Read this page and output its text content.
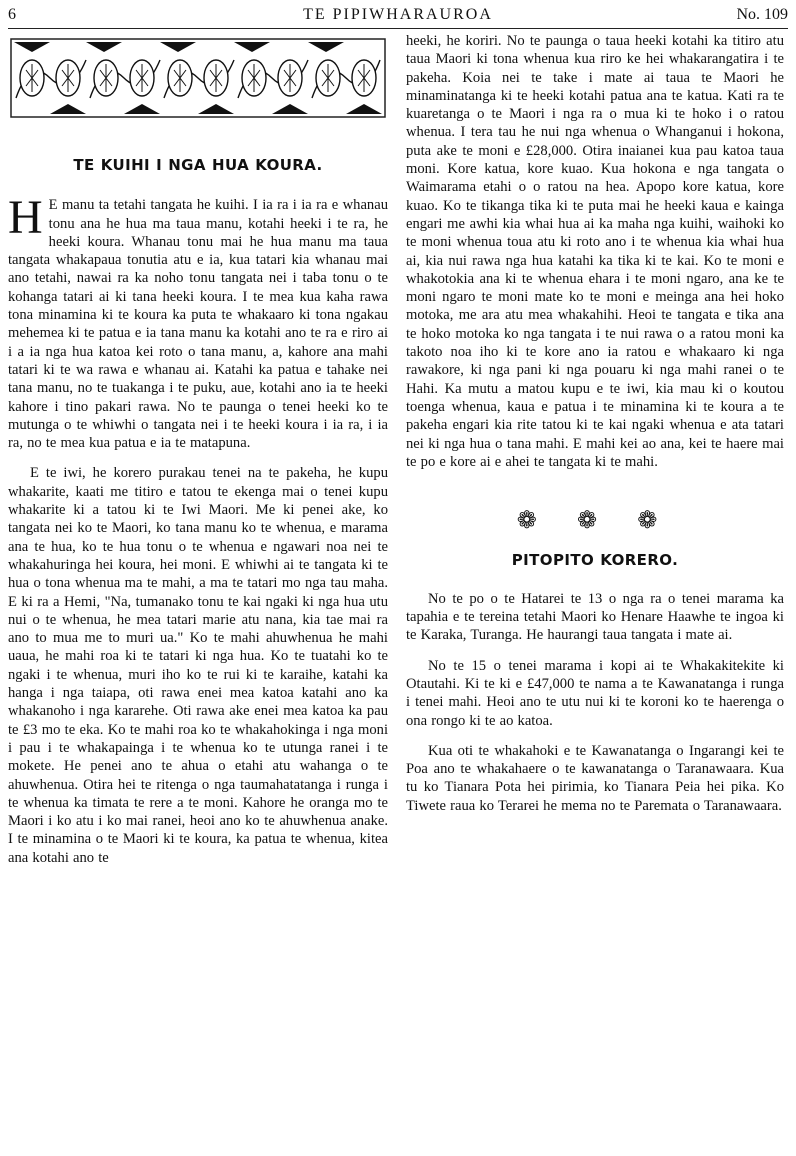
6	TE PIPIWHARAUROA	No. 109
TE KUIHI I NGA HUA KOURA.

H E manu ta tetahi tangata he kuihi. I ia ra i ia ra e whanau tonu ana he hua ma taua manu, kotahi heeki i te ra, he heeki koura. Whanau tonu mai he hua manu ma taua tangata whakapaua tonutia atu e ia, kua tatari kia whanau mai ano tetahi, nawai ra ka noho tonu tangata nei i taba tonu o te kohanga tatari ai ki tana heeki koura. I te mea kua kaha rawa tona minamina ki te koura ka puta te whakaaro ki tona ngakau mehemea ki te patua e ia tana manu ka kotahi ano te ra e riro ai i a ia nga hua katoa kei roto o tana manu, a, kahore ana mahi tatari ki te wa rawa e whanau ai. Katahi ka patua e tahake nei tana manu, no te tuakanga i te puku, aue, kotahi ano ia te heeki kahore i tino pakari rawa. No te paunga o tenei heeki ko te mutunga o te whiwhi o tangata nei i te heeki koura i ia ra, i ia ra, no te mea kua patua e ia te matapuna.

E te iwi, he korero purakau tenei na te pakeha, he kupu whakarite, kaati me titiro e tatou te ekenga mai o tenei kupu whakarite ki a tatou ki te Iwi Maori. Me ki penei ake, ko tangata nei ko te Maori, ko tana manu ko te whenua, e marama ana te hua, ko te hua tonu o te whenua e ngawari noa nei te whakahuringa hei koura, hei moni. E whiwhi ai te tangata ki te hua o tona whenua ma te mahi, a ma te tatari mo nga tau maha. E ki ra a Hemi, "Na, tumanako tonu te kai ngaki ki nga hua utu nui o te whenua, he mea tatari marie atu nana, kia tae mai ra ano to mua me to muri ua." Ko te mahi ahuwhenua he mahi uaua, he mahi roa ki te tatari ki nga hua. Ko te tuatahi ko te ngaki i te whenua, muri iho ko te rui ki te karaihe, katahi ka hanga i nga taiapa, oti rawa enei mea katoa katahi ano ka whakanoho i nga kararehe. Oti rawa ake enei mea katoa ka pau te £3 mo te eka. Ko te mahi roa ko te whakahokinga i nga moni i pau i te whakapainga i te whenua ko te utunga ranei i te mokete. He penei ano te ahua o etahi atu wahanga o te ahuwhenua. Otira hei te ritenga o nga taumahatatanga i runga i te whenua ka timata te rere a te moni. Kahore he oranga mo te Maori i ko atu i ko mai ranei, heoi ano ko te ahuwhenua anake. I te minamina o te Maori ki te koura, ka patua te whenua, kitea ana kotahi ano te

heeki, he koriri. No te paunga o taua heeki kotahi ka titiro atu taua Maori ki tona whenua kua riro ke hei whakarangatira i te pakeha. Koia nei te take i mate ai taua te Maori he minaminatanga ki te heeki kotahi patua ana te katua. Kati ra te kuaretanga o te Maori i nga ra o mua ki te hoko i o ratou whenua. I tera tau he nui nga whenua o Whanganui i hokona, puta ake te moni e £28,000. Otira inaianei kua pau katoa taua moni. Kore katua, kore kuao. Kua hokona e nga tangata o Waimarama etahi o o ratou na hea. Apopo kore katua, kore kuao. Ko te tikanga tika ki te puta mai he heeki kaua e kainga engari me awhi kia whai hua ai ka maha nga kuihi, waihoki ko te moni whenua toua atu ki roto ano i te whenua kia whai hua ai, kia nui rawa nga hua katahi ka tika ki te kai. Ko te moni e whakotokia ana ki te whenua ehara i te moni ngaro, ana ke te moni ngaro te moni mate ko te moni e meinga ana hei hoko motoka, me ara atu mea whakahihi. Heoi te tangata e tika ana te hoko motoka ko nga tangata i te nui rawa o a ratou moni ka takoto noa iho ki te kore ano ia ratou e whakaaro ki nga rawakore, ki nga pani ki nga pouaru ki nga mahi ranei o te Hahi. Ka mutu a matou kupu e te iwi, kia mau ki o koutou toenga whenua, kaua e patua i te minamina ki te koura a te pakeha engari kia rite tatou ki te kai ngaki whenua e ata tatari nei ki nga hua o tana mahi. E mahi kei ao ana, kei te haere mai te po e kore ai e ahei te tangata ki te mahi.

❁ ❁ ❁
PITOPITO KORERO.

No te po o te Hatarei te 13 o nga ra o tenei marama ka tapahia e te tereina tetahi Maori ko Henare Haawhe te ingoa ki te Karaka, Turanga. He haurangi taua tangata i mate ai.

No te 15 o tenei marama i kopi ai te Whakakitekite ki Otautahi. Ki te ki e £47,000 te nama a te Kawanatanga i runga i tenei mahi. Heoi ano te utu nui ki te koroni ko te haerenga o ona rongo ki te ao katoa.

Kua oti te whakahoki e te Kawanatanga o Ingarangi kei te Poa ano te whakahaere o te kawanatanga o Taranawaara. Kua tu ko Tianara Pota hei pirimia, ko Tianara Peia hei pika. Ko Tiwete raua ko Terarei he mema no te Paremata o Taranawaara.
